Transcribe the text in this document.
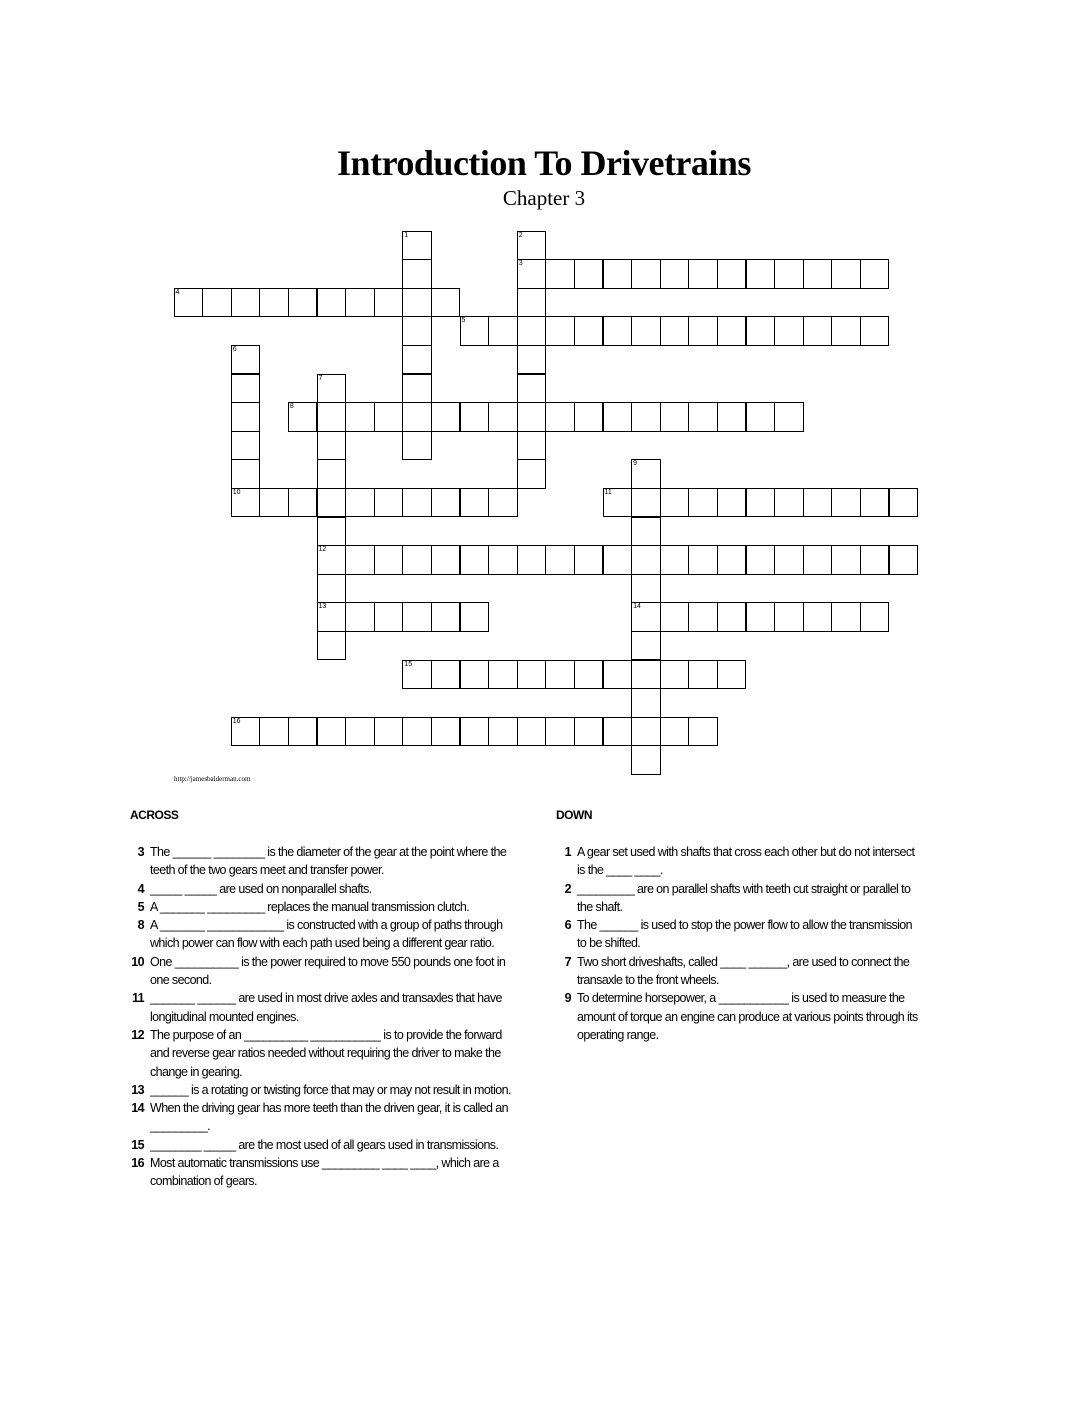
Introduction To Drivetrains
Chapter 3
3
4
5
8
10	11
12
13	14
15
16
1	2
6
7
9
http://jamesbalderman.com
ACROSS	DOWN
3 The ______ ________ is the diameter of the gear at the point where the teeth of the two gears meet and transfer power.
4 _____ _____ are used on nonparallel shafts.
5 A _______ _________ replaces the manual transmission clutch.
8 A _______ ____________ is constructed with a group of paths through which power can flow with each path used being a different gear ratio.
10 One __________ is the power required to move 550 pounds one foot in one second.
11 _______ ______ are used in most drive axles and transaxles that have longitudinal mounted engines.
12 The purpose of an __________ ___________ is to provide the forward and reverse gear ratios needed without requiring the driver to make the change in gearing.
13 ______ is a rotating or twisting force that may or may not result in motion.
14 When the driving gear has more teeth than the driven gear, it is called an _________.
15 ________ _____ are the most used of all gears used in transmissions.
16 Most automatic transmissions use _________ ____ ____, which are a combination of gears.
1 A gear set used with shafts that cross each other but do not intersect is the ____ ____.
2 _________ are on parallel shafts with teeth cut straight or parallel to the shaft.
6 The ______ is used to stop the power flow to allow the transmission to be shifted.
7 Two short driveshafts, called ____ ______, are used to connect the transaxle to the front wheels.
9 To determine horsepower, a ___________ is used to measure the amount of torque an engine can produce at various points through its operating range.
